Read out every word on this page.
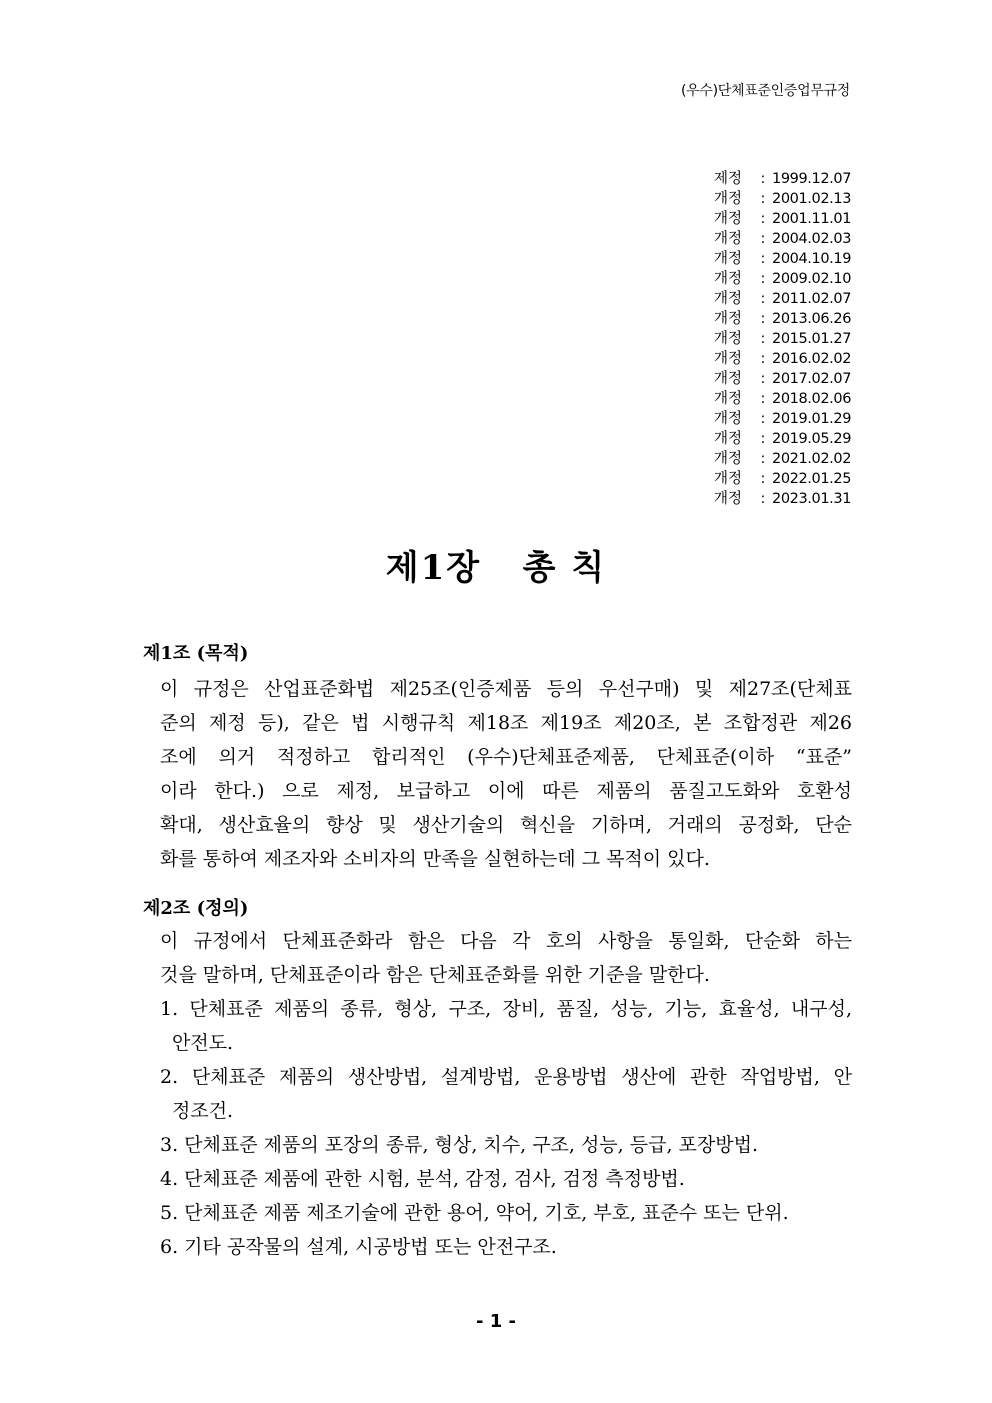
(우수)단체표준인증업무규정
제정	: 1999.12.07
개정	: 2001.02.13
개정	: 2001.11.01
개정	: 2004.02.03
개정	: 2004.10.19
개정	: 2009.02.10
개정	: 2011.02.07
개정	: 2013.06.26
개정	: 2015.01.27
개정	: 2016.02.02
개정	: 2017.02.07
개정	: 2018.02.06
개정	: 2019.01.29
개정	: 2019.05.29
개정	: 2021.02.02
개정	: 2022.01.25
개정	: 2023.01.31
제1장   총 칙
제1조 (목적)
이 규정은 산업표준화법 제25조(인증제품 등의 우선구매) 및 제27조(단체표
준의 제정 등), 같은 법 시행규칙 제18조 제19조 제20조, 본 조합정관 제26
조에 의거 적정하고 합리적인 (우수)단체표준제품, 단체표준(이하 “표준”
이라 한다.) 으로 제정, 보급하고 이에 따른 제품의 품질고도화와 호환성
확대, 생산효율의 향상 및 생산기술의 혁신을 기하며, 거래의 공정화, 단순
화를 통하여 제조자와 소비자의 만족을 실현하는데 그 목적이 있다.
제2조 (정의)
이 규정에서 단체표준화라 함은 다음 각 호의 사항을 통일화, 단순화 하는
것을 말하며, 단체표준이라 함은 단체표준화를 위한 기준을 말한다.
1. 단체표준 제품의 종류, 형상, 구조, 장비, 품질, 성능, 기능, 효율성, 내구성,
안전도.
2. 단체표준 제품의 생산방법, 설계방법, 운용방법 생산에 관한 작업방법, 안
정조건.
3. 단체표준 제품의 포장의 종류, 형상, 치수, 구조, 성능, 등급, 포장방법.
4. 단체표준 제품에 관한 시험, 분석, 감정, 검사, 검정 측정방법.
5. 단체표준 제품 제조기술에 관한 용어, 약어, 기호, 부호, 표준수 또는 단위.
6. 기타 공작물의 설계, 시공방법 또는 안전구조.
- 1 -
